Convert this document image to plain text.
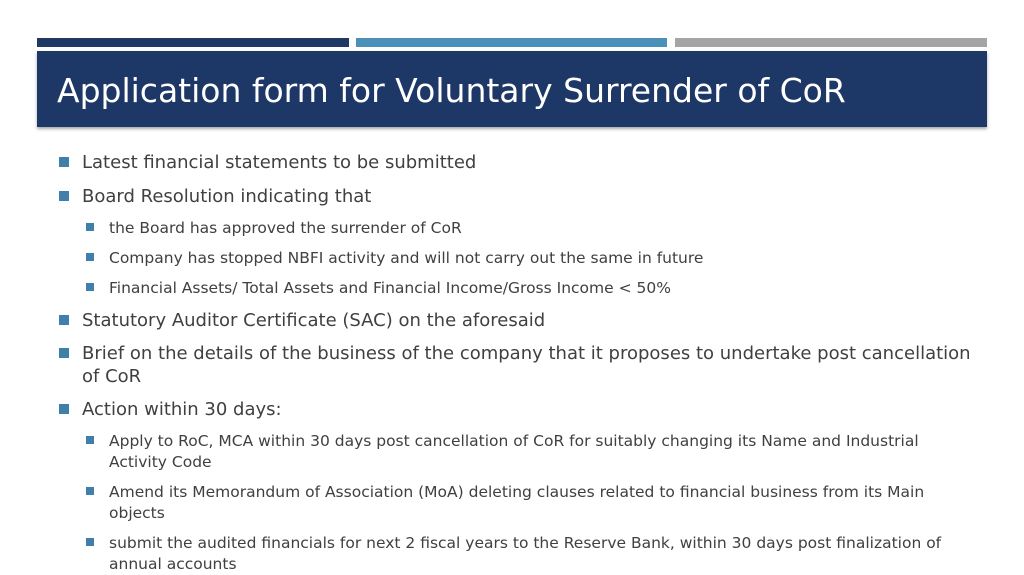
Application form for Voluntary Surrender of CoR
Latest financial statements to be submitted
Board Resolution indicating that
the Board has approved the surrender of CoR
Company has stopped NBFI activity and will not carry out the same in future
Financial Assets/ Total Assets and Financial Income/Gross Income < 50%
Statutory Auditor Certificate (SAC) on the aforesaid
Brief on the details of the business of the company that it proposes to undertake post cancellation of CoR
Action within 30 days:
Apply to RoC, MCA within 30 days post cancellation of CoR for suitably changing its Name and Industrial Activity Code
Amend its Memorandum of Association (MoA) deleting clauses related to financial business from its Main objects
submit the audited financials for next 2 fiscal years to the Reserve Bank, within 30 days post finalization of annual accounts
